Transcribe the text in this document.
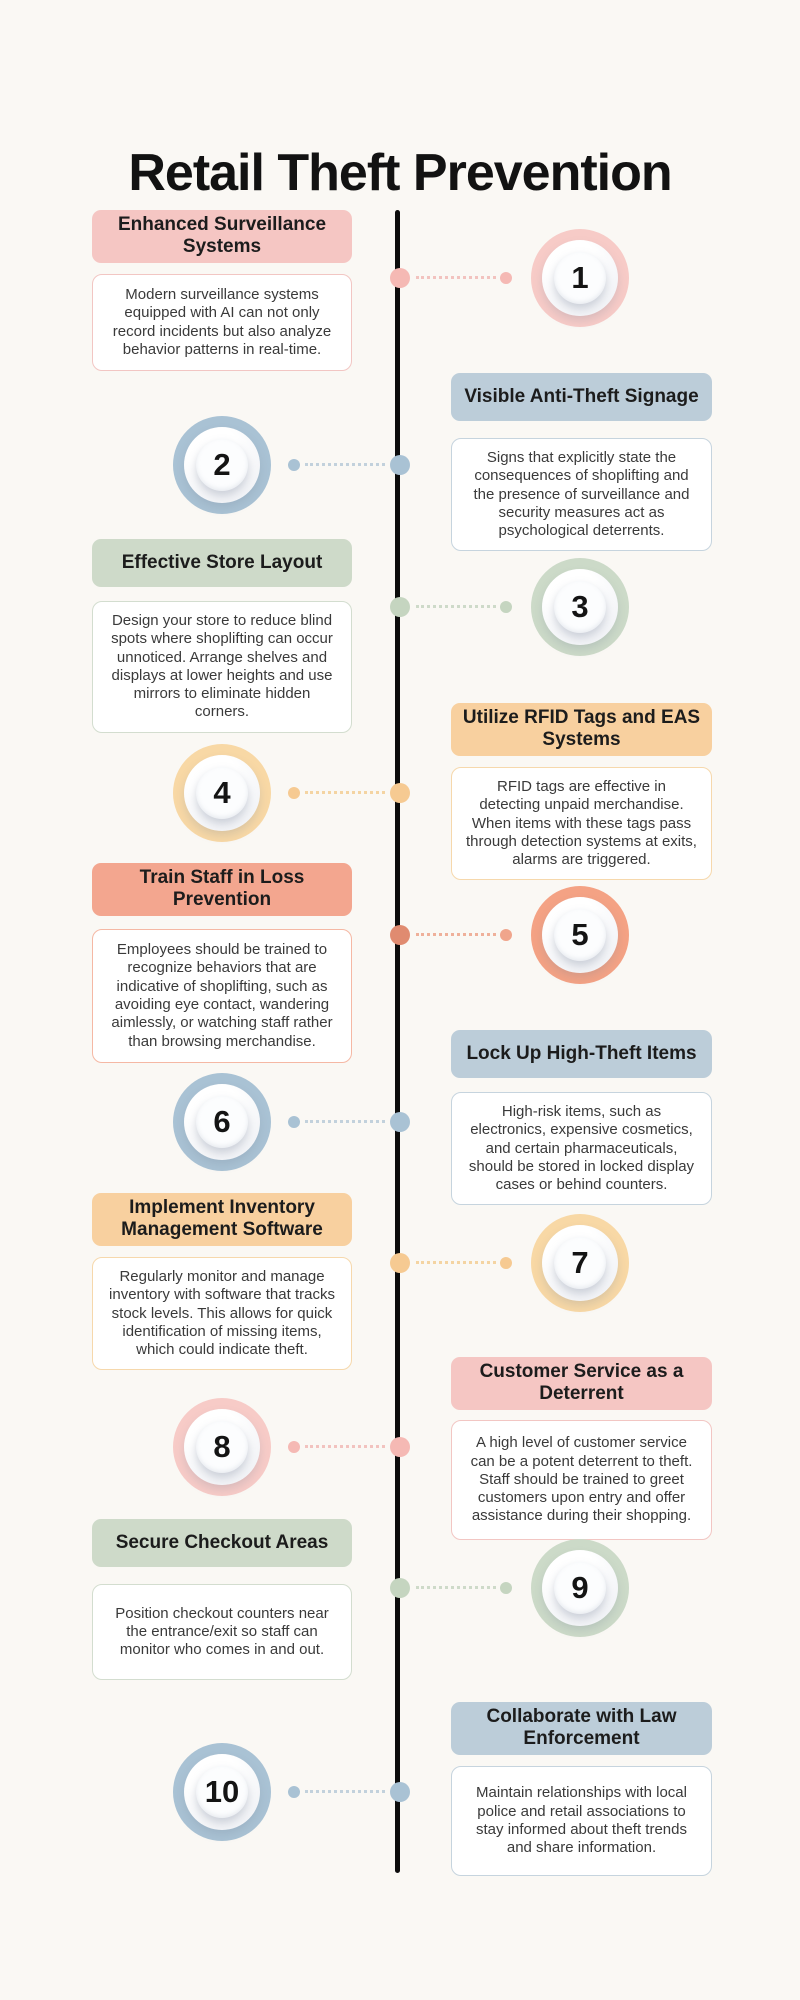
Retail Theft Prevention
Enhanced Surveillance Systems
Modern surveillance systems equipped with AI can not only record incidents but also analyze behavior patterns in real-time.
1
Visible Anti-Theft Signage
Signs that explicitly state the consequences of shoplifting and the presence of surveillance and security measures act as psychological deterrents.
2
Effective Store Layout
Design your store to reduce blind spots where shoplifting can occur unnoticed. Arrange shelves and displays at lower heights and use mirrors to eliminate hidden corners.
3
Utilize RFID Tags and EAS Systems
RFID tags are effective in detecting unpaid merchandise. When items with these tags pass through detection systems at exits, alarms are triggered.
4
Train Staff in Loss Prevention
Employees should be trained to recognize behaviors that are indicative of shoplifting, such as avoiding eye contact, wandering aimlessly, or watching staff rather than browsing merchandise.
5
Lock Up High-Theft Items
High-risk items, such as electronics, expensive cosmetics, and certain pharmaceuticals, should be stored in locked display cases or behind counters.
6
Implement Inventory Management Software
Regularly monitor and manage inventory with software that tracks stock levels. This allows for quick identification of missing items, which could indicate theft.
7
Customer Service as a Deterrent
A high level of customer service can be a potent deterrent to theft. Staff should be trained to greet customers upon entry and offer assistance during their shopping.
8
Secure Checkout Areas
Position checkout counters near the entrance/exit so staff can monitor who comes in and out.
9
Collaborate with Law Enforcement
Maintain relationships with local police and retail associations to stay informed about theft trends and share information.
10
